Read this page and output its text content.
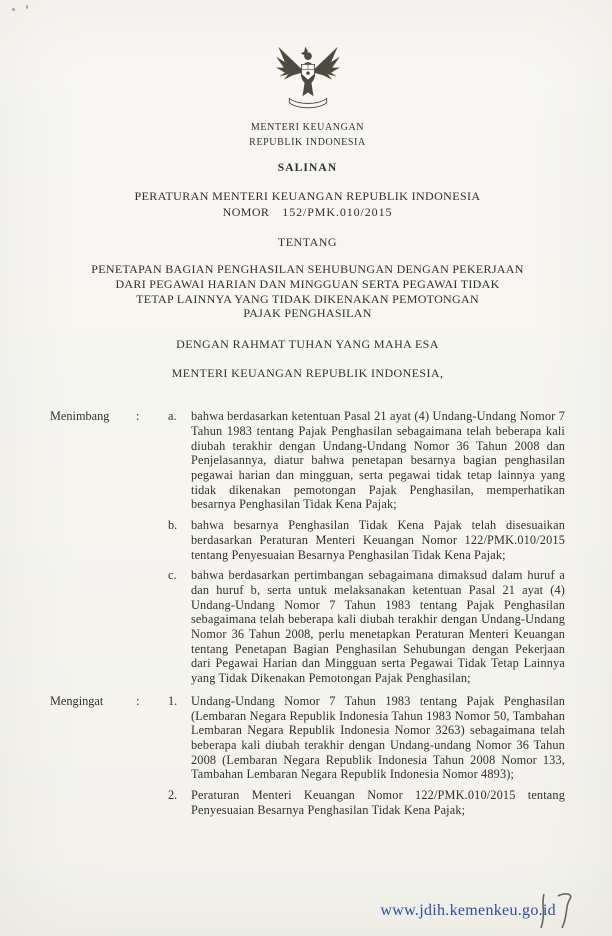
MENTERI KEUANGAN
REPUBLIK INDONESIA
SALINAN
PERATURAN MENTERI KEUANGAN REPUBLIK INDONESIA
NOMOR 152/PMK.010/2015
TENTANG
PENETAPAN BAGIAN PENGHASILAN SEHUBUNGAN DENGAN PEKERJAAN
DARI PEGAWAI HARIAN DAN MINGGUAN SERTA PEGAWAI TIDAK
TETAP LAINNYA YANG TIDAK DIKENAKAN PEMOTONGAN
PAJAK PENGHASILAN
DENGAN RAHMAT TUHAN YANG MAHA ESA
MENTERI KEUANGAN REPUBLIK INDONESIA,
Menimbang	:	a.	bahwa berdasarkan ketentuan Pasal 21 ayat (4) Undang-Undang Nomor 7 Tahun 1983 tentang Pajak Penghasilan sebagaimana telah beberapa kali diubah terakhir dengan Undang-Undang Nomor 36 Tahun 2008 dan Penjelasannya, diatur bahwa penetapan besarnya bagian penghasilan pegawai harian dan mingguan, serta pegawai tidak tetap lainnya yang tidak dikenakan pemotongan Pajak Penghasilan, memperhatikan besarnya Penghasilan Tidak Kena Pajak;
b.	bahwa besarnya Penghasilan Tidak Kena Pajak telah disesuaikan berdasarkan Peraturan Menteri Keuangan Nomor 122/PMK.010/2015 tentang Penyesuaian Besarnya Penghasilan Tidak Kena Pajak;
c.	bahwa berdasarkan pertimbangan sebagaimana dimaksud dalam huruf a dan huruf b, serta untuk melaksanakan ketentuan Pasal 21 ayat (4) Undang-Undang Nomor 7 Tahun 1983 tentang Pajak Penghasilan sebagaimana telah beberapa kali diubah terakhir dengan Undang-Undang Nomor 36 Tahun 2008, perlu menetapkan Peraturan Menteri Keuangan tentang Penetapan Bagian Penghasilan Sehubungan dengan Pekerjaan dari Pegawai Harian dan Mingguan serta Pegawai Tidak Tetap Lainnya yang Tidak Dikenakan Pemotongan Pajak Penghasilan;
Mengingat	:	1.	Undang-Undang Nomor 7 Tahun 1983 tentang Pajak Penghasilan (Lembaran Negara Republik Indonesia Tahun 1983 Nomor 50, Tambahan Lembaran Negara Republik Indonesia Nomor 3263) sebagaimana telah beberapa kali diubah terakhir dengan Undang-undang Nomor 36 Tahun 2008 (Lembaran Negara Republik Indonesia Tahun 2008 Nomor 133, Tambahan Lembaran Negara Republik Indonesia Nomor 4893);
2.	Peraturan Menteri Keuangan Nomor 122/PMK.010/2015 tentang Penyesuaian Besarnya Penghasilan Tidak Kena Pajak;
www.jdih.kemenkeu.go.id
